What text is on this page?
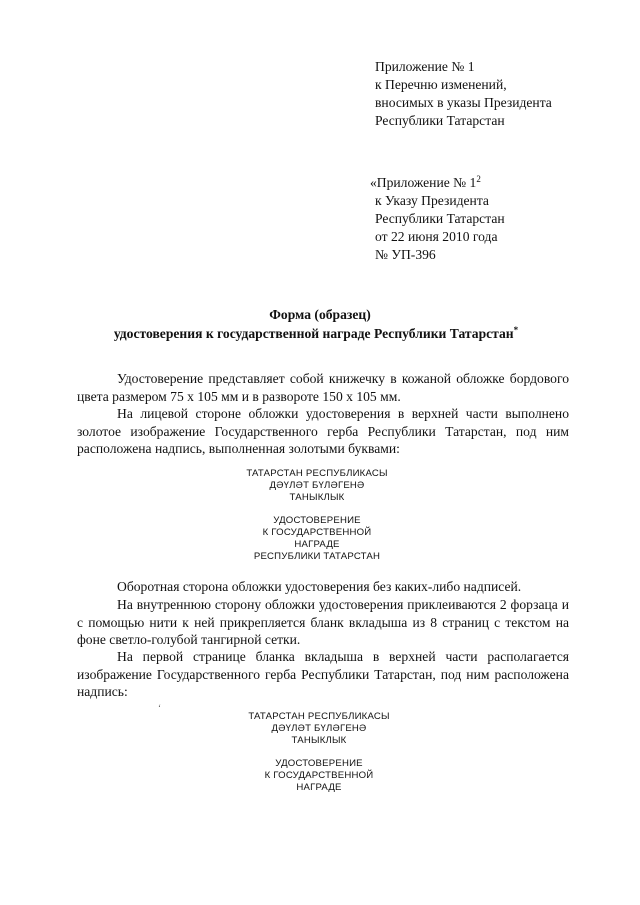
Приложение № 1
к Перечню изменений,
вносимых в указы Президента
Республики Татарстан
«Приложение № $1^2$
к Указу Президента
Республики Татарстан
от 22 июня 2010 года
№ УП-396
Форма (образец)
удостоверения к государственной награде Республики Татарстан*
Удостоверение представляет собой книжечку в кожаной обложке бордового цвета размером 75 х 105 мм и в развороте 150 х 105 мм.
На лицевой стороне обложки удостоверения в верхней части выполнено золотое изображение Государственного герба Республики Татарстан, под ним расположена надпись, выполненная золотыми буквами:
ТАТАРСТАН РЕСПУБЛИКАСЫ
ДӘҮЛӘТ БҮЛӘГЕНӘ
ТАНЫКЛЫК
УДОСТОВЕРЕНИЕ
К ГОСУДАРСТВЕННОЙ
НАГРАДЕ
РЕСПУБЛИКИ ТАТАРСТАН
Оборотная сторона обложки удостоверения без каких-либо надписей.
На внутреннюю сторону обложки удостоверения приклеиваются 2 форзаца и с помощью нити к ней прикрепляется бланк вкладыша из 8 страниц с текстом на фоне светло-голубой тангирной сетки.
На первой странице бланка вкладыша в верхней части располагается изображение Государственного герба Республики Татарстан, под ним расположена надпись:
ʻ
ТАТАРСТАН РЕСПУБЛИКАСЫ
ДӘҮЛӘТ БҮЛӘГЕНӘ
ТАНЫКЛЫК
УДОСТОВЕРЕНИЕ
К ГОСУДАРСТВЕННОЙ
НАГРАДЕ
